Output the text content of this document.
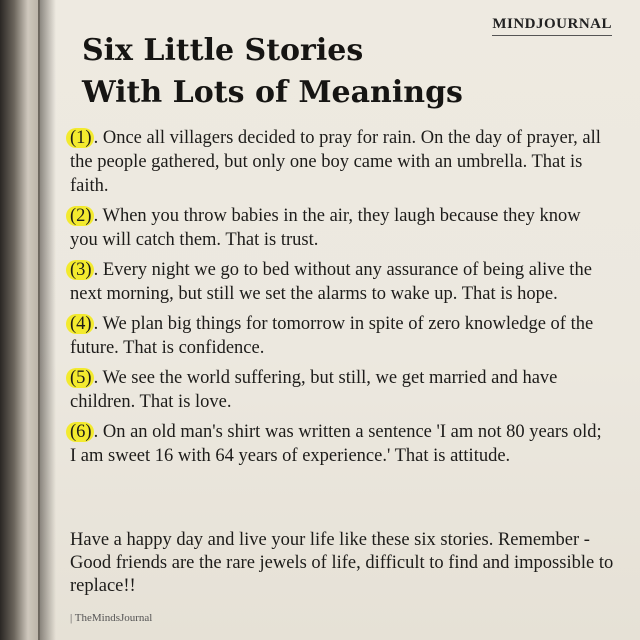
MINDJOURNAL
Six Little Stories
With Lots of Meanings
(1) . Once all villagers decided to pray for rain. On the day of prayer, all the people gathered, but only one boy came with an umbrella. That is faith.
(2) . When you throw babies in the air, they laugh because they know you will catch them. That is trust.
(3) . Every night we go to bed without any assurance of being alive the next morning, but still we set the alarms to wake up. That is hope.
(4) . We plan big things for tomorrow in spite of zero knowledge of the future. That is confidence.
(5) . We see the world suffering, but still, we get married and have children. That is love.
(6) . On an old man's shirt was written a sentence 'I am not 80 years old; I am sweet 16 with 64 years of experience.' That is attitude.

Have a happy day and live your life like these six stories. Remember - Good friends are the rare jewels of life, difficult to find and impossible to replace!!

| TheMindsJournal
